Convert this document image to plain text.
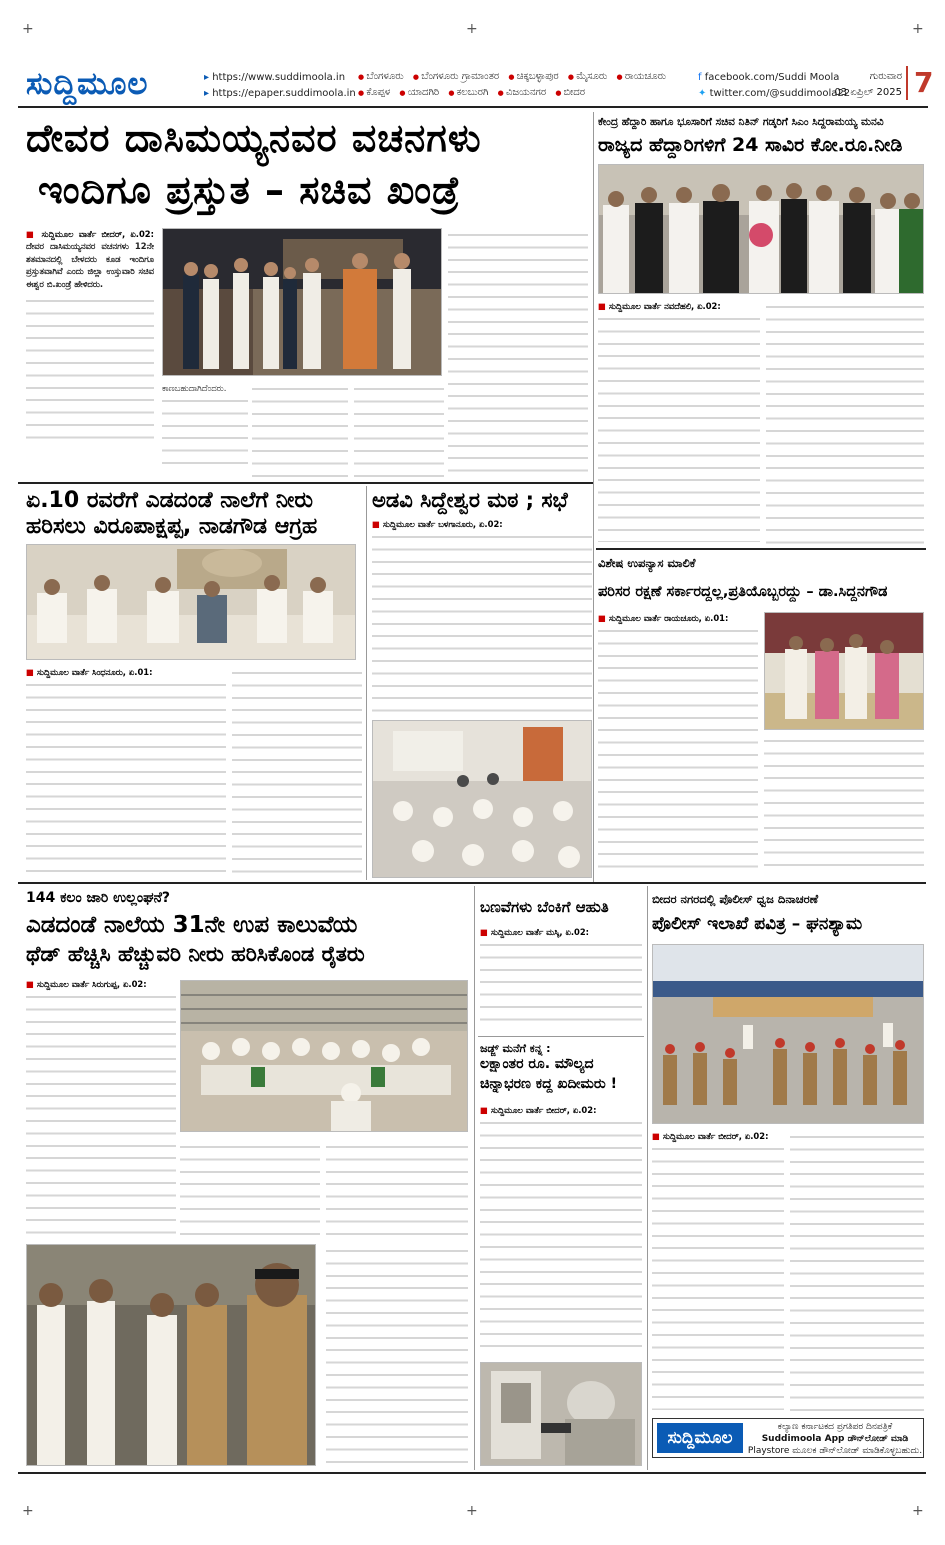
+	+
+	+
+
+
ಸುದ್ದಿಮೂಲ	▸ https://www.suddimoola.in
▸ https://epaper.suddimoola.in
● ಬೆಂಗಳೂರು ● ಬೆಂಗಳೂರು ಗ್ರಾಮಾಂತರ ● ಚಿಕ್ಕಬಳ್ಳಾಪುರ ● ಮೈಸೂರು ● ರಾಯಚೂರು ● ಕೊಪ್ಪಳ ● ಯಾದಗಿರಿ ● ಕಲಬುರಗಿ ● ವಿಜಯನಗರ ● ಬೀದರ
f facebook.com/Suddi Moola
✦ twitter.com/@suddimoola22
ಗುರುವಾರ
03 ಏಪ್ರಿಲ್ 2025 7
ದೇವರ ದಾಸಿಮಯ್ಯನವರ ವಚನಗಳು
ಇಂದಿಗೂ ಪ್ರಸ್ತುತ – ಸಚಿವ ಖಂಡ್ರೆ
■ ಸುದ್ದಿಮೂಲ ವಾರ್ತೆ ಬೀದರ್, ಏ.02: ದೇವರ ದಾಸಿಮಯ್ಯನವರ ವಚನಗಳು 12ನೇ ಶತಮಾನದಲ್ಲಿ ಬೇಳದರು ಕೂಡ ಇಂದಿಗೂ ಪ್ರಸ್ತುತವಾಗಿವೆ ಎಂದು ಜಿಲ್ಲಾ ಉಸ್ತುವಾರಿ ಸಚಿವ ಈಶ್ವರ ಬಿ.ಖಂಡ್ರೆ ಹೇಳಿದರು.
ಕಾಣಬಹುದಾಗಿದೆಂದರು.
ಕೇಂದ್ರ ಹೆದ್ದಾರಿ ಹಾಗೂ ಭೂಸಾರಿಗೆ ಸಚಿವ ನಿತಿನ್ ಗಡ್ಕರಿಗೆ ಸಿಎಂ ಸಿದ್ದರಾಮಯ್ಯ ಮನವಿ
ರಾಜ್ಯದ ಹೆದ್ದಾರಿಗಳಿಗೆ 24 ಸಾವಿರ ಕೋ.ರೂ.ನೀಡಿ
■ ಸುದ್ದಿಮೂಲ ವಾರ್ತೆ ನವದೆಹಲಿ, ಏ.02:
ಏ.10 ರವರೆಗೆ ಎಡದಂಡೆ ನಾಲೆಗೆ ನೀರು
ಹರಿಸಲು ವಿರೂಪಾಕ್ಷಪ್ಪ, ನಾಡಗೌಡ ಆಗ್ರಹ
■ ಸುದ್ದಿಮೂಲ ವಾರ್ತೆ ಸಿಂಧನೂರು, ಏ.01:
ಅಡವಿ ಸಿದ್ದೇಶ್ವರ ಮಠ ; ಸಭೆ
■ ಸುದ್ದಿಮೂಲ ವಾರ್ತೆ ಬಳಗಾನೂರು, ಏ.02:
ವಿಶೇಷ ಉಪನ್ಯಾಸ ಮಾಲಿಕೆ
ಪರಿಸರ ರಕ್ಷಣೆ ಸರ್ಕಾರದ್ದಲ್ಲ,ಪ್ರತಿಯೊಬ್ಬರದ್ದು – ಡಾ.ಸಿದ್ದನಗೌಡ
■ ಸುದ್ದಿಮೂಲ ವಾರ್ತೆ ರಾಯಚೂರು, ಏ.01:
144 ಕಲಂ ಜಾರಿ ಉಲ್ಲಂಘನೆ?
ಎಡದಂಡೆ ನಾಲೆಯ 31ನೇ ಉಪ ಕಾಲುವೆಯ
ಥೆಡ್ ಹೆಚ್ಚಿಸಿ ಹೆಚ್ಚುವರಿ ನೀರು ಹರಿಸಿಕೊಂಡ ರೈತರು
■ ಸುದ್ದಿಮೂಲ ವಾರ್ತೆ ಸಿರುಗುಪ್ಪ, ಏ.02:
ಬಣವೆಗಳು ಬೆಂಕಿಗೆ ಆಹುತಿ
■ ಸುದ್ದಿಮೂಲ ವಾರ್ತೆ ಮಸ್ಕಿ, ಏ.02:
ಜಡ್ಜ್ ಮನೆಗೆ ಕನ್ನ :
ಲಕ್ಷಾಂತರ ರೂ. ಮೌಲ್ಯದ
ಚಿನ್ನಾಭರಣ ಕದ್ದ ಖದೀಮರು !
■ ಸುದ್ದಿಮೂಲ ವಾರ್ತೆ ಬೀದರ್, ಏ.02:
ಬೀದರ ನಗರದಲ್ಲಿ ಪೊಲೀಸ್ ಧ್ವಜ ದಿನಾಚರಣೆ
ಪೊಲೀಸ್ ಇಲಾಖೆ ಪವಿತ್ರ – ಘನಶ್ಯಾಮ
■ ಸುದ್ದಿಮೂಲ ವಾರ್ತೆ ಬೀದರ್, ಏ.02:
ಸುದ್ದಿಮೂಲ
ಕಲ್ಯಾಣ ಕರ್ನಾಟಕದ ಪ್ರಗತಿಪರ ದಿನಪತ್ರಿಕೆ
Suddimoola App ಡೌನ್‌ಲೋಡ್ ಮಾಡಿ
Playstore ಮೂಲಕ ಡೌನ್‌ಲೋಡ್ ಮಾಡಿಕೊಳ್ಳಬಹುದು.
